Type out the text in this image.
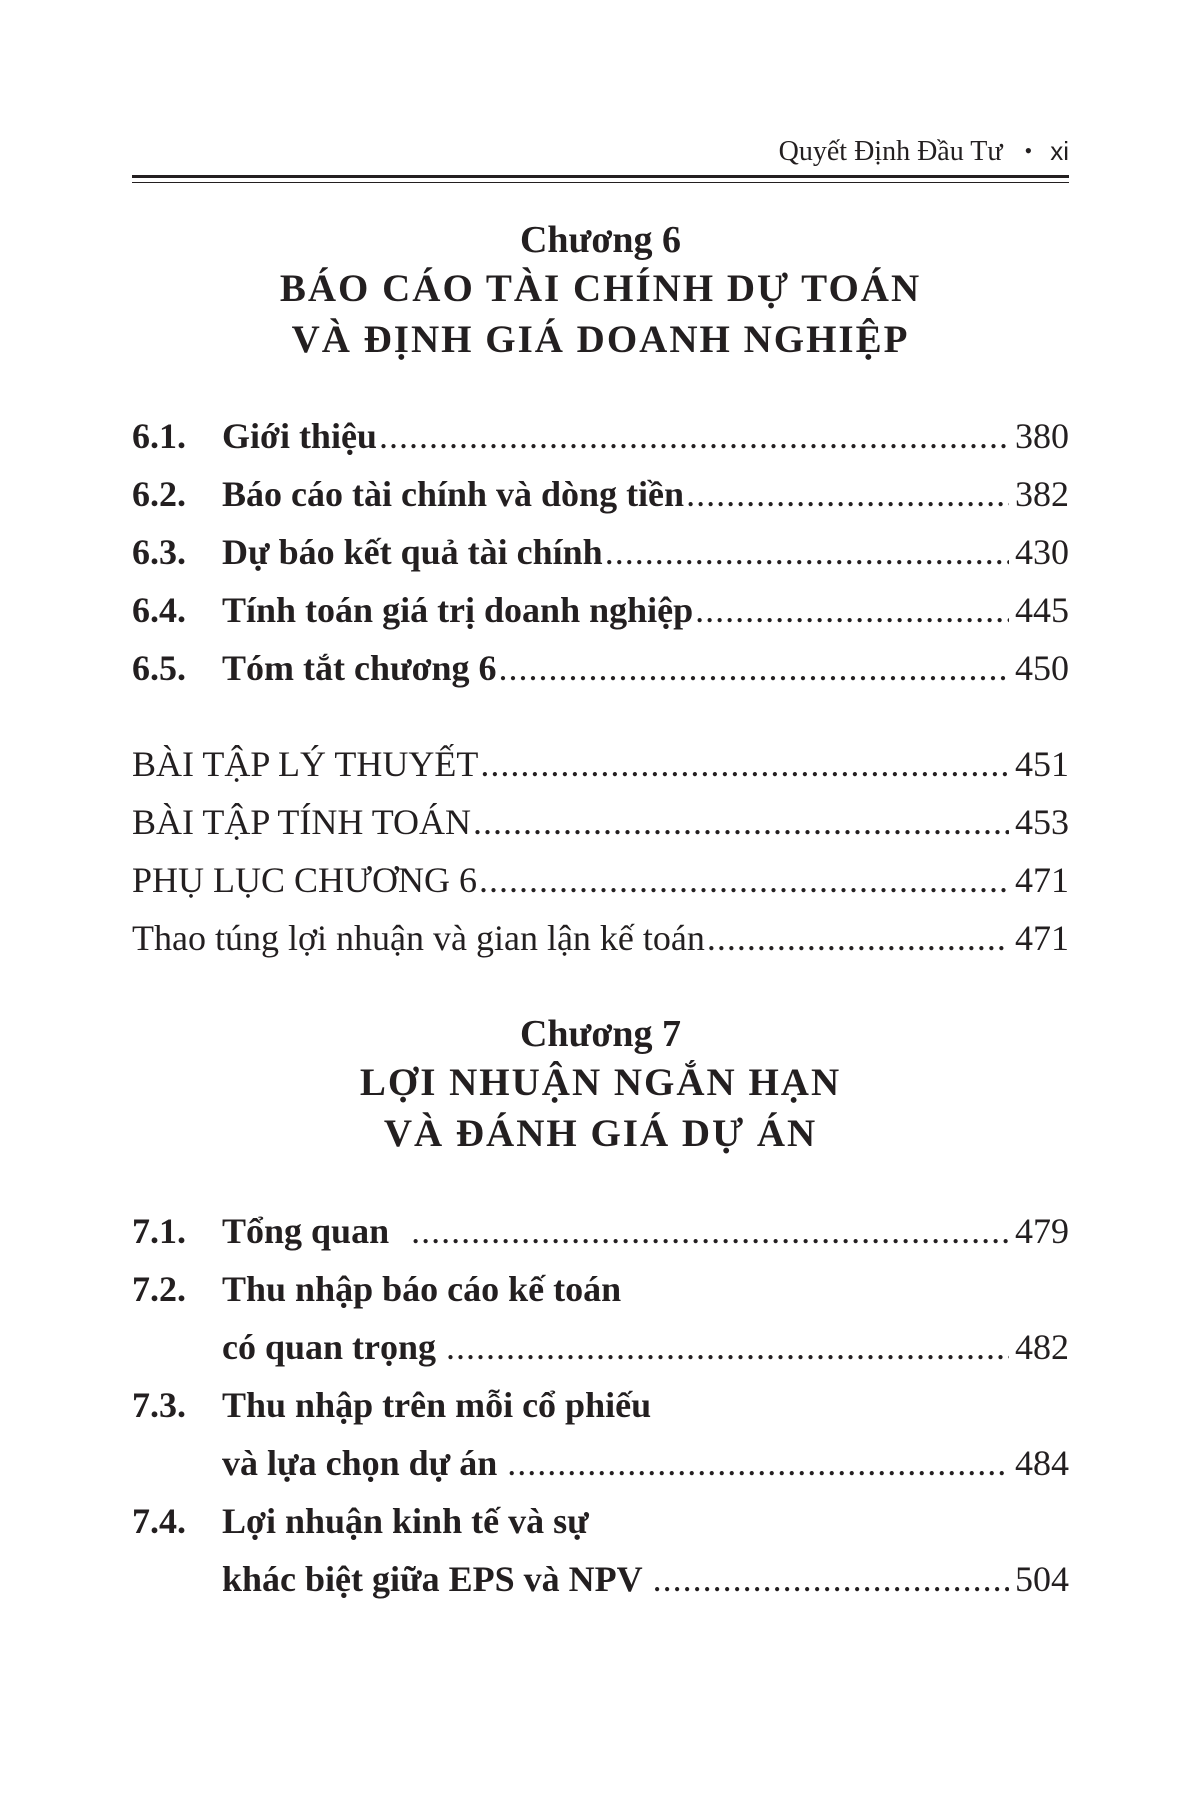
Quyết Định Đầu Tư • xi
Chương 6
BÁO CÁO TÀI CHÍNH DỰ TOÁN
VÀ ĐỊNH GIÁ DOANH NGHIỆP
6.1.	Giới thiệu .....	380
6.2.	Báo cáo tài chính và dòng tiền .....	382
6.3.	Dự báo kết quả tài chính .....	430
6.4.	Tính toán giá trị doanh nghiệp .....	445
6.5.	Tóm tắt chương 6 .....	450
BÀI TẬP LÝ THUYẾT .....	451
BÀI TẬP TÍNH TOÁN .....	453
PHỤ LỤC CHƯƠNG 6 .....	471
Thao túng lợi nhuận và gian lận kế toán .....	471
Chương 7
LỢI NHUẬN NGẮN HẠN
VÀ ĐÁNH GIÁ DỰ ÁN
7.1.	Tổng quan .....	479
7.2.	Thu nhập báo cáo kế toán
có quan trọng .....	482
7.3.	Thu nhập trên mỗi cổ phiếu
và lựa chọn dự án .....	484
7.4.	Lợi nhuận kinh tế và sự
khác biệt giữa EPS và NPV .....	504
